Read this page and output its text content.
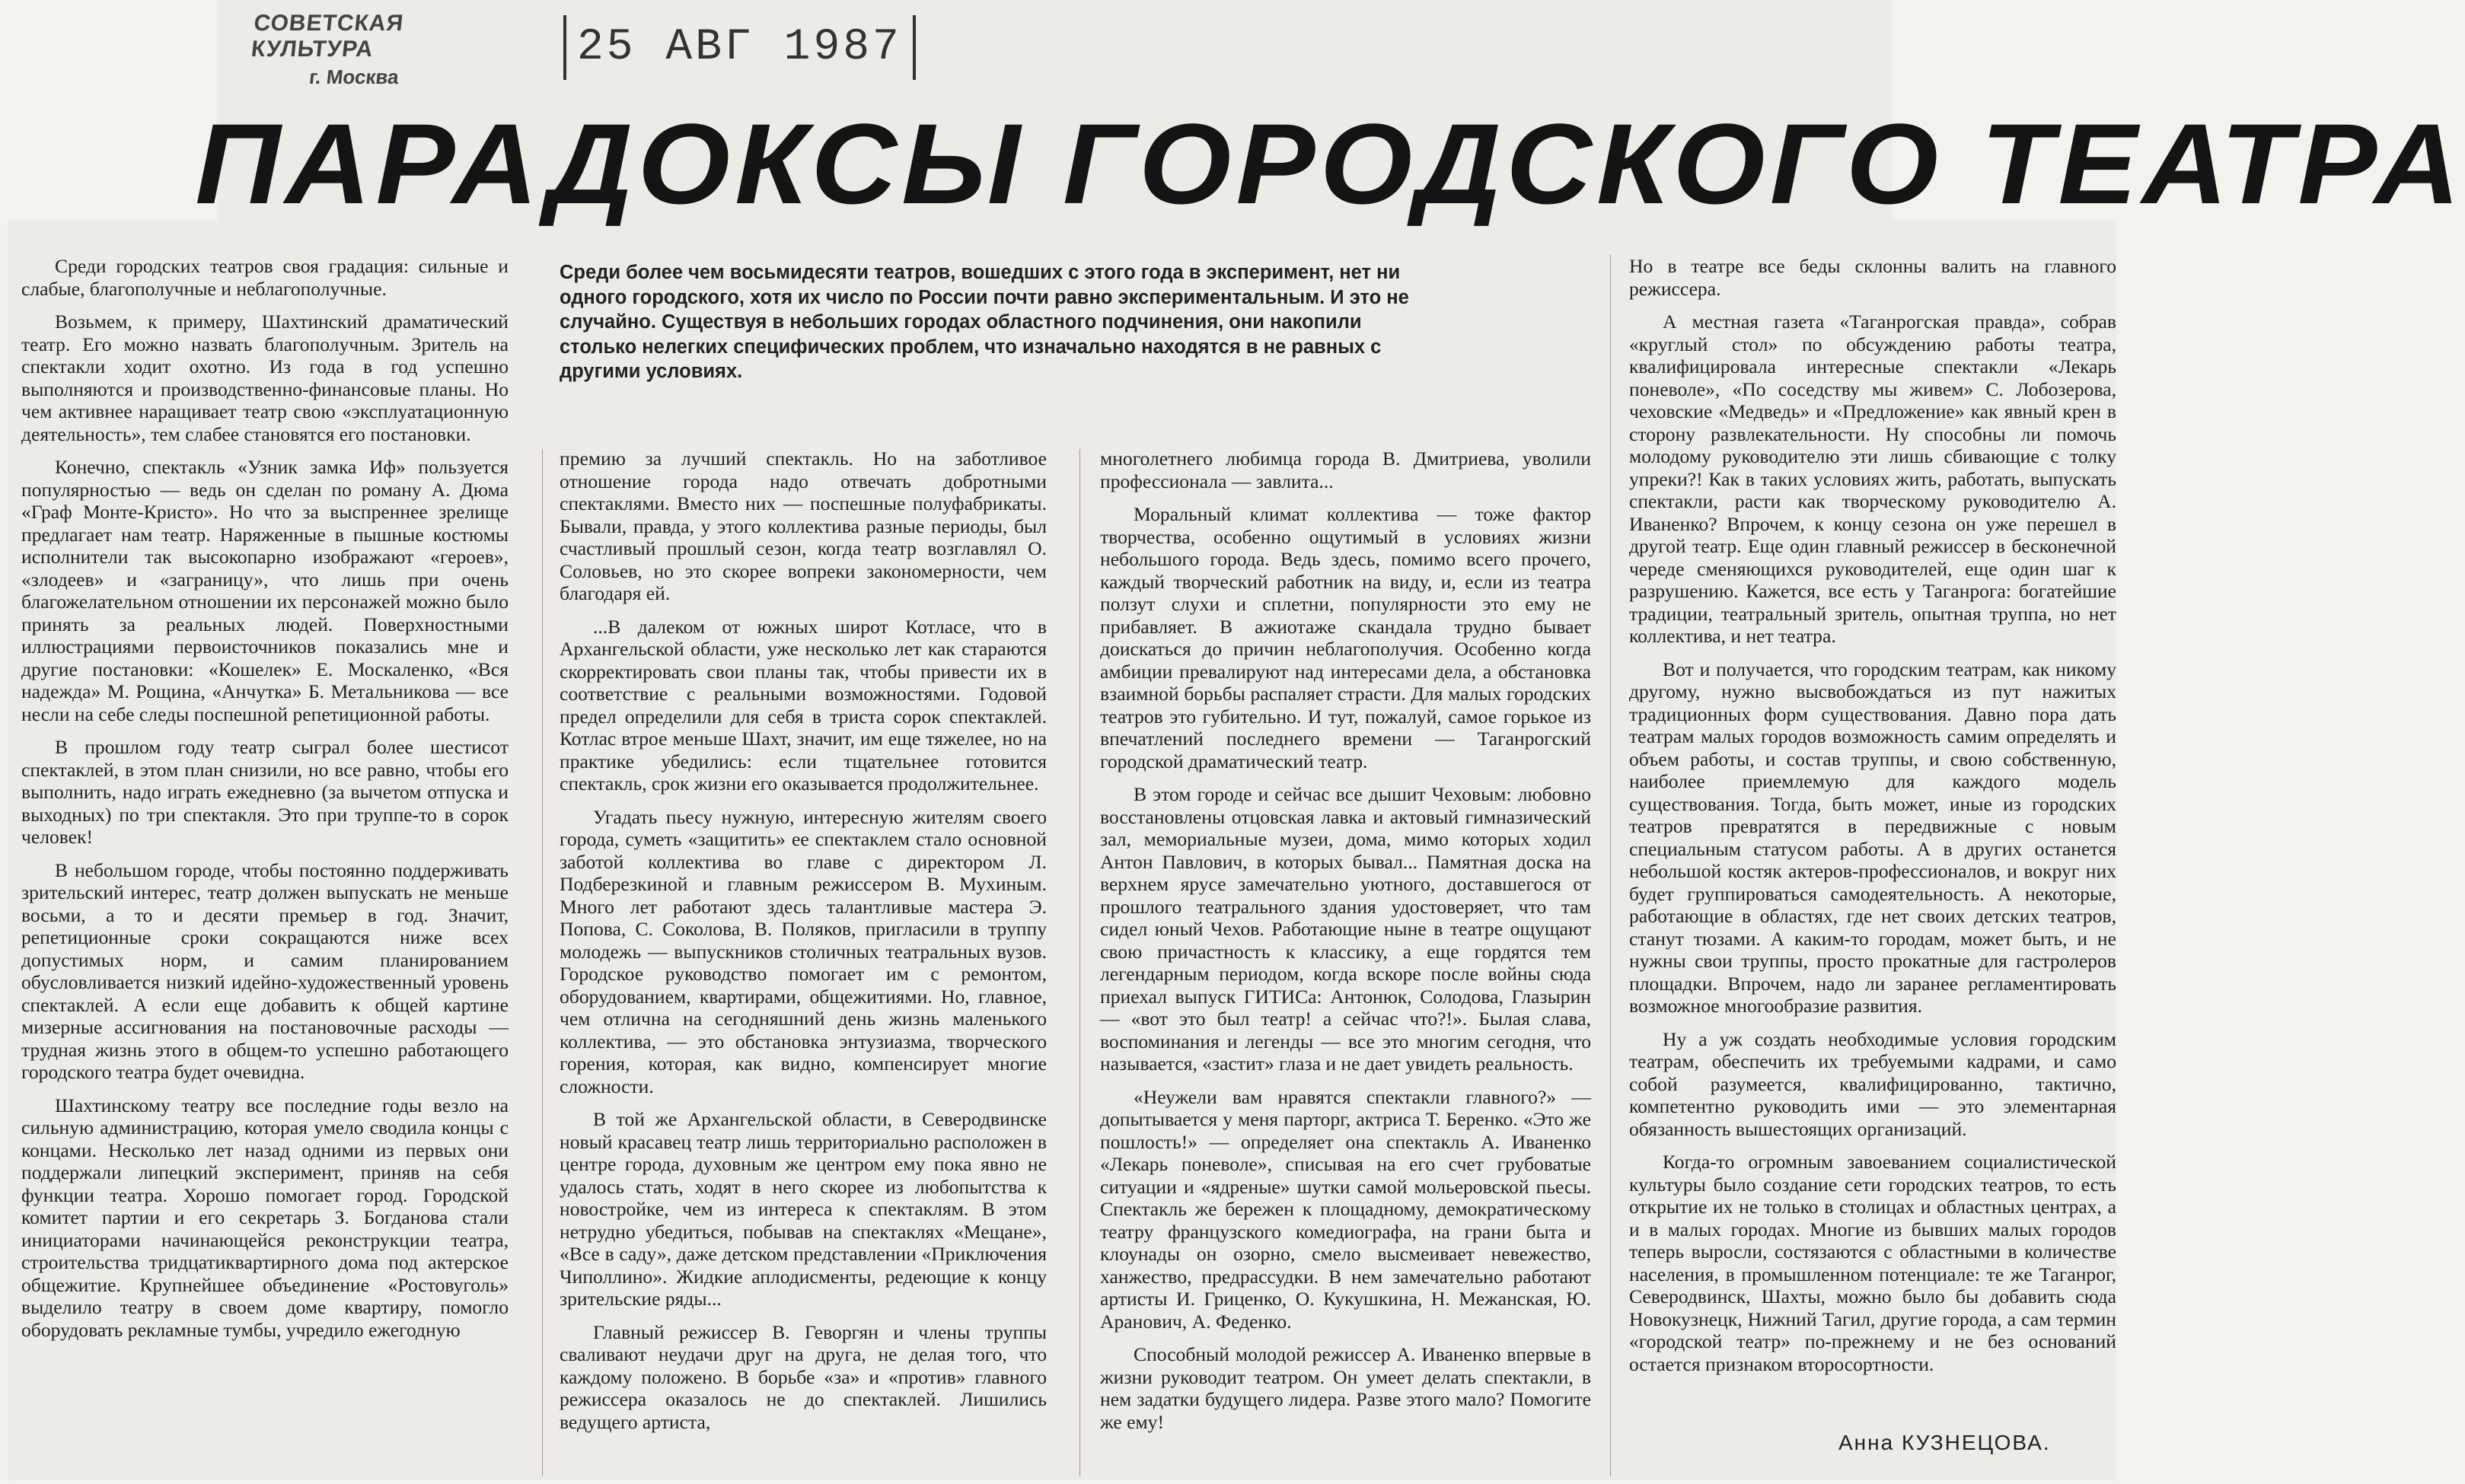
СОВЕТСКАЯ КУЛЬТУРА
г. Москва
25 АВГ 1987
ПАРАДОКСЫ ГОРОДСКОГО ТЕАТРА

Среди более чем восьмидесяти театров, вошедших с этого года в эксперимент, нет ни одного городского, хотя их число по России почти равно экспериментальным. И это не случайно. Существуя в небольших городах областного подчинения, они накопили столько нелегких специфических проблем, что изначально находятся в не равных с другими условиях.

Среди городских театров своя градация: сильные и слабые, благополучные и неблагополучные.

Возьмем, к примеру, Шахтинский драматический театр. Его можно назвать благополучным. Зритель на спектакли ходит охотно. Из года в год успешно выполняются и производственно-финансовые планы. Но чем активнее наращивает театр свою «эксплуатационную деятельность», тем слабее становятся его постановки.

Конечно, спектакль «Узник замка Иф» пользуется популярностью — ведь он сделан по роману А. Дюма «Граф Монте-Кристо». Но что за выспреннее зрелище предлагает нам театр. Наряженные в пышные костюмы исполнители так высокопарно изображают «героев», «злодеев» и «заграницу», что лишь при очень благожелательном отношении их персонажей можно было принять за реальных людей. Поверхностными иллюстрациями первоисточников показались мне и другие постановки: «Кошелек» Е. Москаленко, «Вся надежда» М. Рощина, «Анчутка» Б. Метальникова — все несли на себе следы поспешной репетиционной работы.

В прошлом году театр сыграл более шестисот спектаклей, в этом план снизили, но все равно, чтобы его выполнить, надо играть ежедневно (за вычетом отпуска и выходных) по три спектакля. Это при труппе-то в сорок человек!

В небольшом городе, чтобы постоянно поддерживать зрительский интерес, театр должен выпускать не меньше восьми, а то и десяти премьер в год. Значит, репетиционные сроки сокращаются ниже всех допустимых норм, и самим планированием обусловливается низкий идейно-художественный уровень спектаклей. А если еще добавить к общей картине мизерные ассигнования на постановочные расходы — трудная жизнь этого в общем-то успешно работающего городского театра будет очевидна.

Шахтинскому театру все последние годы везло на сильную администрацию, которая умело сводила концы с концами. Несколько лет назад одними из первых они поддержали липецкий эксперимент, приняв на себя функции театра. Хорошо помогает город. Городской комитет партии и его секретарь З. Богданова стали инициаторами начинающейся реконструкции театра, строительства тридцатиквартирного дома под актерское общежитие. Крупнейшее объединение «Ростовуголь» выделило театру в своем доме квартиру, помогло оборудовать рекламные тумбы, учредило ежегодную

премию за лучший спектакль. Но на заботливое отношение города надо отвечать добротными спектаклями. Вместо них — поспешные полуфабрикаты. Бывали, правда, у этого коллектива разные периоды, был счастливый прошлый сезон, когда театр возглавлял О. Соловьев, но это скорее вопреки закономерности, чем благодаря ей.

...В далеком от южных широт Котласе, что в Архангельской области, уже несколько лет как стараются скорректировать свои планы так, чтобы привести их в соответствие с реальными возможностями. Годовой предел определили для себя в триста сорок спектаклей. Котлас втрое меньше Шахт, значит, им еще тяжелее, но на практике убедились: если тщательнее готовится спектакль, срок жизни его оказывается продолжительнее.

Угадать пьесу нужную, интересную жителям своего города, суметь «защитить» ее спектаклем стало основной заботой коллектива во главе с директором Л. Подберезкиной и главным режиссером В. Мухиным. Много лет работают здесь талантливые мастера Э. Попова, С. Соколова, В. Поляков, пригласили в труппу молодежь — выпускников столичных театральных вузов. Городское руководство помогает им с ремонтом, оборудованием, квартирами, общежитиями. Но, главное, чем отлична на сегодняшний день жизнь маленького коллектива, — это обстановка энтузиазма, творческого горения, которая, как видно, компенсирует многие сложности.

В той же Архангельской области, в Северодвинске новый красавец театр лишь территориально расположен в центре города, духовным же центром ему пока явно не удалось стать, ходят в него скорее из любопытства к новостройке, чем из интереса к спектаклям. В этом нетрудно убедиться, побывав на спектаклях «Мещане», «Все в саду», даже детском представлении «Приключения Чиполлино». Жидкие аплодисменты, редеющие к концу зрительские ряды...

Главный режиссер В. Геворгян и члены труппы сваливают неудачи друг на друга, не делая того, что каждому положено. В борьбе «за» и «против» главного режиссера оказалось не до спектаклей. Лишились ведущего артиста,

многолетнего любимца города В. Дмитриева, уволили профессионала — завлита...

Моральный климат коллектива — тоже фактор творчества, особенно ощутимый в условиях жизни небольшого города. Ведь здесь, помимо всего прочего, каждый творческий работник на виду, и, если из театра ползут слухи и сплетни, популярности это ему не прибавляет. В ажиотаже скандала трудно бывает доискаться до причин неблагополучия. Особенно когда амбиции превалируют над интересами дела, а обстановка взаимной борьбы распаляет страсти. Для малых городских театров это губительно. И тут, пожалуй, самое горькое из впечатлений последнего времени — Таганрогский городской драматический театр.

В этом городе и сейчас все дышит Чеховым: любовно восстановлены отцовская лавка и актовый гимназический зал, мемориальные музеи, дома, мимо которых ходил Антон Павлович, в которых бывал... Памятная доска на верхнем ярусе замечательно уютного, доставшегося от прошлого театрального здания удостоверяет, что там сидел юный Чехов. Работающие ныне в театре ощущают свою причастность к классику, а еще гордятся тем легендарным периодом, когда вскоре после войны сюда приехал выпуск ГИТИСа: Антонюк, Солодова, Глазырин — «вот это был театр! а сейчас что?!». Былая слава, воспоминания и легенды — все это многим сегодня, что называется, «застит» глаза и не дает увидеть реальность.

«Неужели вам нравятся спектакли главного?» — допытывается у меня парторг, актриса Т. Беренко. «Это же пошлость!» — определяет она спектакль А. Иваненко «Лекарь поневоле», списывая на его счет грубоватые ситуации и «ядреные» шутки самой мольеровской пьесы. Спектакль же бережен к площадному, демократическому театру французского комедиографа, на грани быта и клоунады он озорно, смело высмеивает невежество, ханжество, предрассудки. В нем замечательно работают артисты И. Гриценко, О. Кукушкина, Н. Межанская, Ю. Аранович, А. Феденко.

Способный молодой режиссер А. Иваненко впервые в жизни руководит театром. Он умеет делать спектакли, в нем задатки будущего лидера. Разве этого мало? Помогите же ему!

Но в театре все беды склонны валить на главного режиссера.

А местная газета «Таганрогская правда», собрав «круглый стол» по обсуждению работы театра, квалифицировала интересные спектакли «Лекарь поневоле», «По соседству мы живем» С. Лобозерова, чеховские «Медведь» и «Предложение» как явный крен в сторону развлекательности. Ну способны ли помочь молодому руководителю эти лишь сбивающие с толку упреки?! Как в таких условиях жить, работать, выпускать спектакли, расти как творческому руководителю А. Иваненко? Впрочем, к концу сезона он уже перешел в другой театр. Еще один главный режиссер в бесконечной череде сменяющихся руководителей, еще один шаг к разрушению. Кажется, все есть у Таганрога: богатейшие традиции, театральный зритель, опытная труппа, но нет коллектива, и нет театра.

Вот и получается, что городским театрам, как никому другому, нужно высвобождаться из пут нажитых традиционных форм существования. Давно пора дать театрам малых городов возможность самим определять и объем работы, и состав труппы, и свою собственную, наиболее приемлемую для каждого модель существования. Тогда, быть может, иные из городских театров превратятся в передвижные с новым специальным статусом работы. А в других останется небольшой костяк актеров-профессионалов, и вокруг них будет группироваться самодеятельность. А некоторые, работающие в областях, где нет своих детских театров, станут тюзами. А каким-то городам, может быть, и не нужны свои труппы, просто прокатные для гастролеров площадки. Впрочем, надо ли заранее регламентировать возможное многообразие развития.

Ну а уж создать необходимые условия городским театрам, обеспечить их требуемыми кадрами, и само собой разумеется, квалифицированно, тактично, компетентно руководить ими — это элементарная обязанность вышестоящих организаций.

Когда-то огромным завоеванием социалистической культуры было создание сети городских театров, то есть открытие их не только в столицах и областных центрах, а и в малых городах. Многие из бывших малых городов теперь выросли, состязаются с областными в количестве населения, в промышленном потенциале: те же Таганрог, Северодвинск, Шахты, можно было бы добавить сюда Новокузнецк, Нижний Тагил, другие города, а сам термин «городской театр» по-прежнему и не без оснований остается признаком второсортности.

Анна КУЗНЕЦОВА.
